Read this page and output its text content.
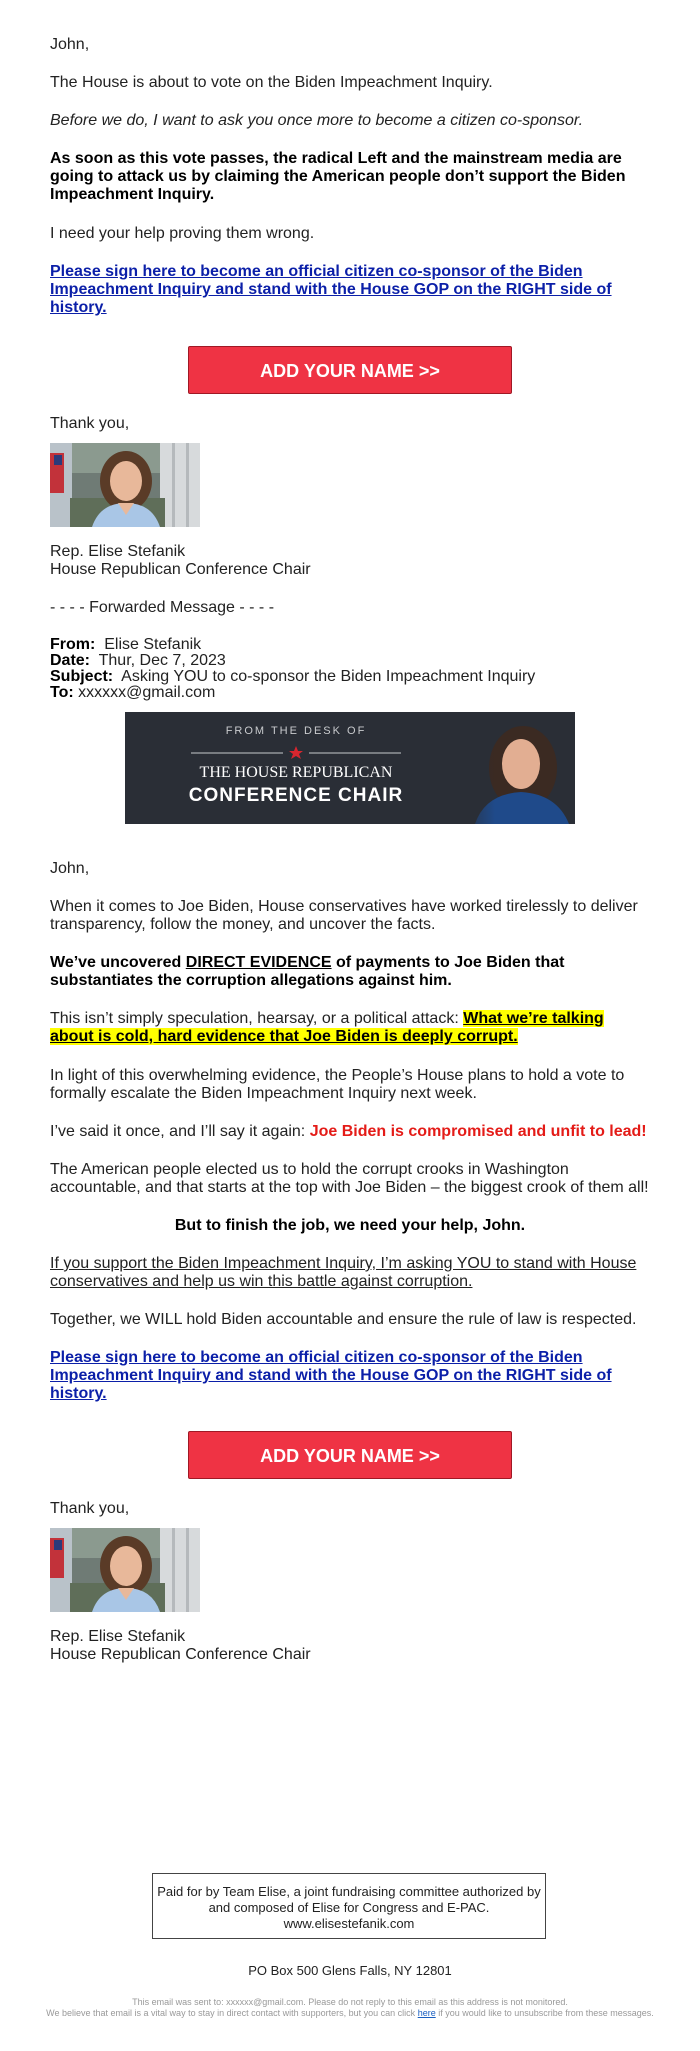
John,

The House is about to vote on the Biden Impeachment Inquiry.

Before we do, I want to ask you once more to become a citizen co-sponsor.

As soon as this vote passes, the radical Left and the mainstream media are going to attack us by claiming the American people don’t support the Biden Impeachment Inquiry.

I need your help proving them wrong.

Please sign here to become an official citizen co-sponsor of the Biden Impeachment Inquiry and stand with the House GOP on the RIGHT side of history.

ADD YOUR NAME >>

Thank you,

Rep. Elise Stefanik

House Republican Conference Chair

- - - - Forwarded Message - - - -

From: Elise Stefanik

Date: Thur, Dec 7, 2023

Subject: Asking YOU to co-sponsor the Biden Impeachment Inquiry

To: xxxxxx@gmail.com

FROM THE DESK OF
THE HOUSE REPUBLICAN
CONFERENCE CHAIR

John,

When it comes to Joe Biden, House conservatives have worked tirelessly to deliver transparency, follow the money, and uncover the facts.

We’ve uncovered DIRECT EVIDENCE of payments to Joe Biden that substantiates the corruption allegations against him.

This isn’t simply speculation, hearsay, or a political attack: What we’re talking about is cold, hard evidence that Joe Biden is deeply corrupt.

In light of this overwhelming evidence, the People’s House plans to hold a vote to formally escalate the Biden Impeachment Inquiry next week.

I’ve said it once, and I’ll say it again: Joe Biden is compromised and unfit to lead!

The American people elected us to hold the corrupt crooks in Washington accountable, and that starts at the top with Joe Biden – the biggest crook of them all!

But to finish the job, we need your help, John.

If you support the Biden Impeachment Inquiry, I’m asking YOU to stand with House conservatives and help us win this battle against corruption.

Together, we WILL hold Biden accountable and ensure the rule of law is respected.

Please sign here to become an official citizen co-sponsor of the Biden Impeachment Inquiry and stand with the House GOP on the RIGHT side of history.

ADD YOUR NAME >>

Thank you,

Rep. Elise Stefanik

House Republican Conference Chair

Paid for by Team Elise, a joint fundraising committee authorized by and composed of Elise for Congress and E-PAC. www.elisestefanik.com

PO Box 500 Glens Falls, NY 12801

This email was sent to: xxxxxx@gmail.com. Please do not reply to this email as this address is not monitored.
We believe that email is a vital way to stay in direct contact with supporters, but you can click here if you would like to unsubscribe from these messages.
